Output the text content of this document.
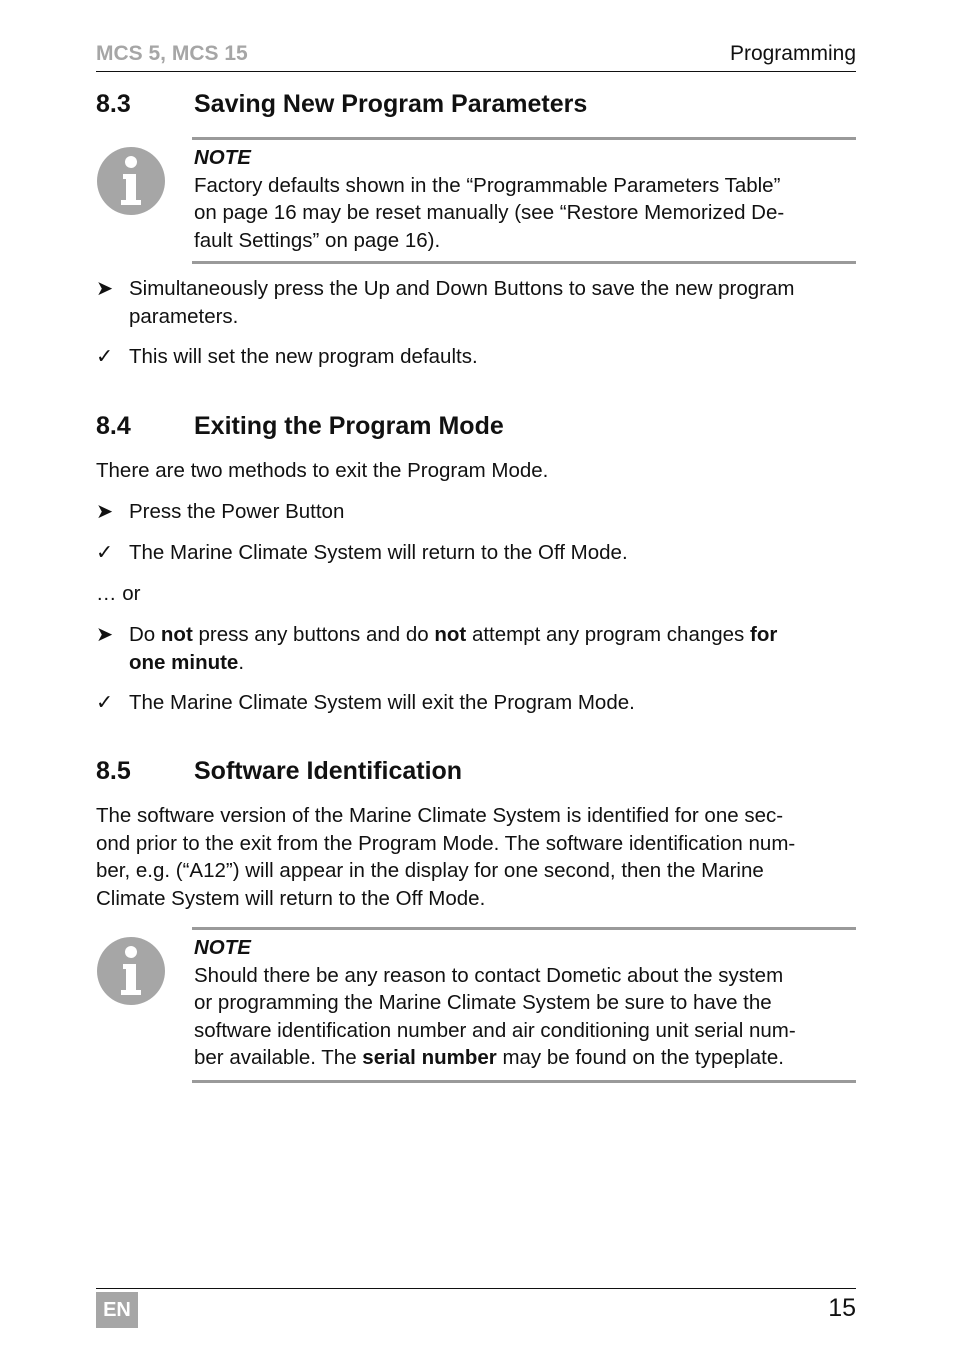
MCS 5, MCS 15	Programming
8.3	Saving New Program Parameters
NOTE
Factory defaults shown in the “Programmable Parameters Table”
on page 16 may be reset manually (see “Restore Memorized De-
fault Settings” on page 16).
➤ Simultaneously press the Up and Down Buttons to save the new program
parameters.
✓ This will set the new program defaults.
8.4	Exiting the Program Mode
There are two methods to exit the Program Mode.
➤ Press the Power Button
✓ The Marine Climate System will return to the Off Mode.
… or
➤ Do not press any buttons and do not attempt any program changes for
one minute.
✓ The Marine Climate System will exit the Program Mode.
8.5	Software Identification
The software version of the Marine Climate System is identified for one sec-
ond prior to the exit from the Program Mode. The software identification num-
ber, e.g. (“A12”) will appear in the display for one second, then the Marine
Climate System will return to the Off Mode.
NOTE
Should there be any reason to contact Dometic about the system
or programming the Marine Climate System be sure to have the
software identification number and air conditioning unit serial num-
ber available. The serial number may be found on the typeplate.
EN	15
